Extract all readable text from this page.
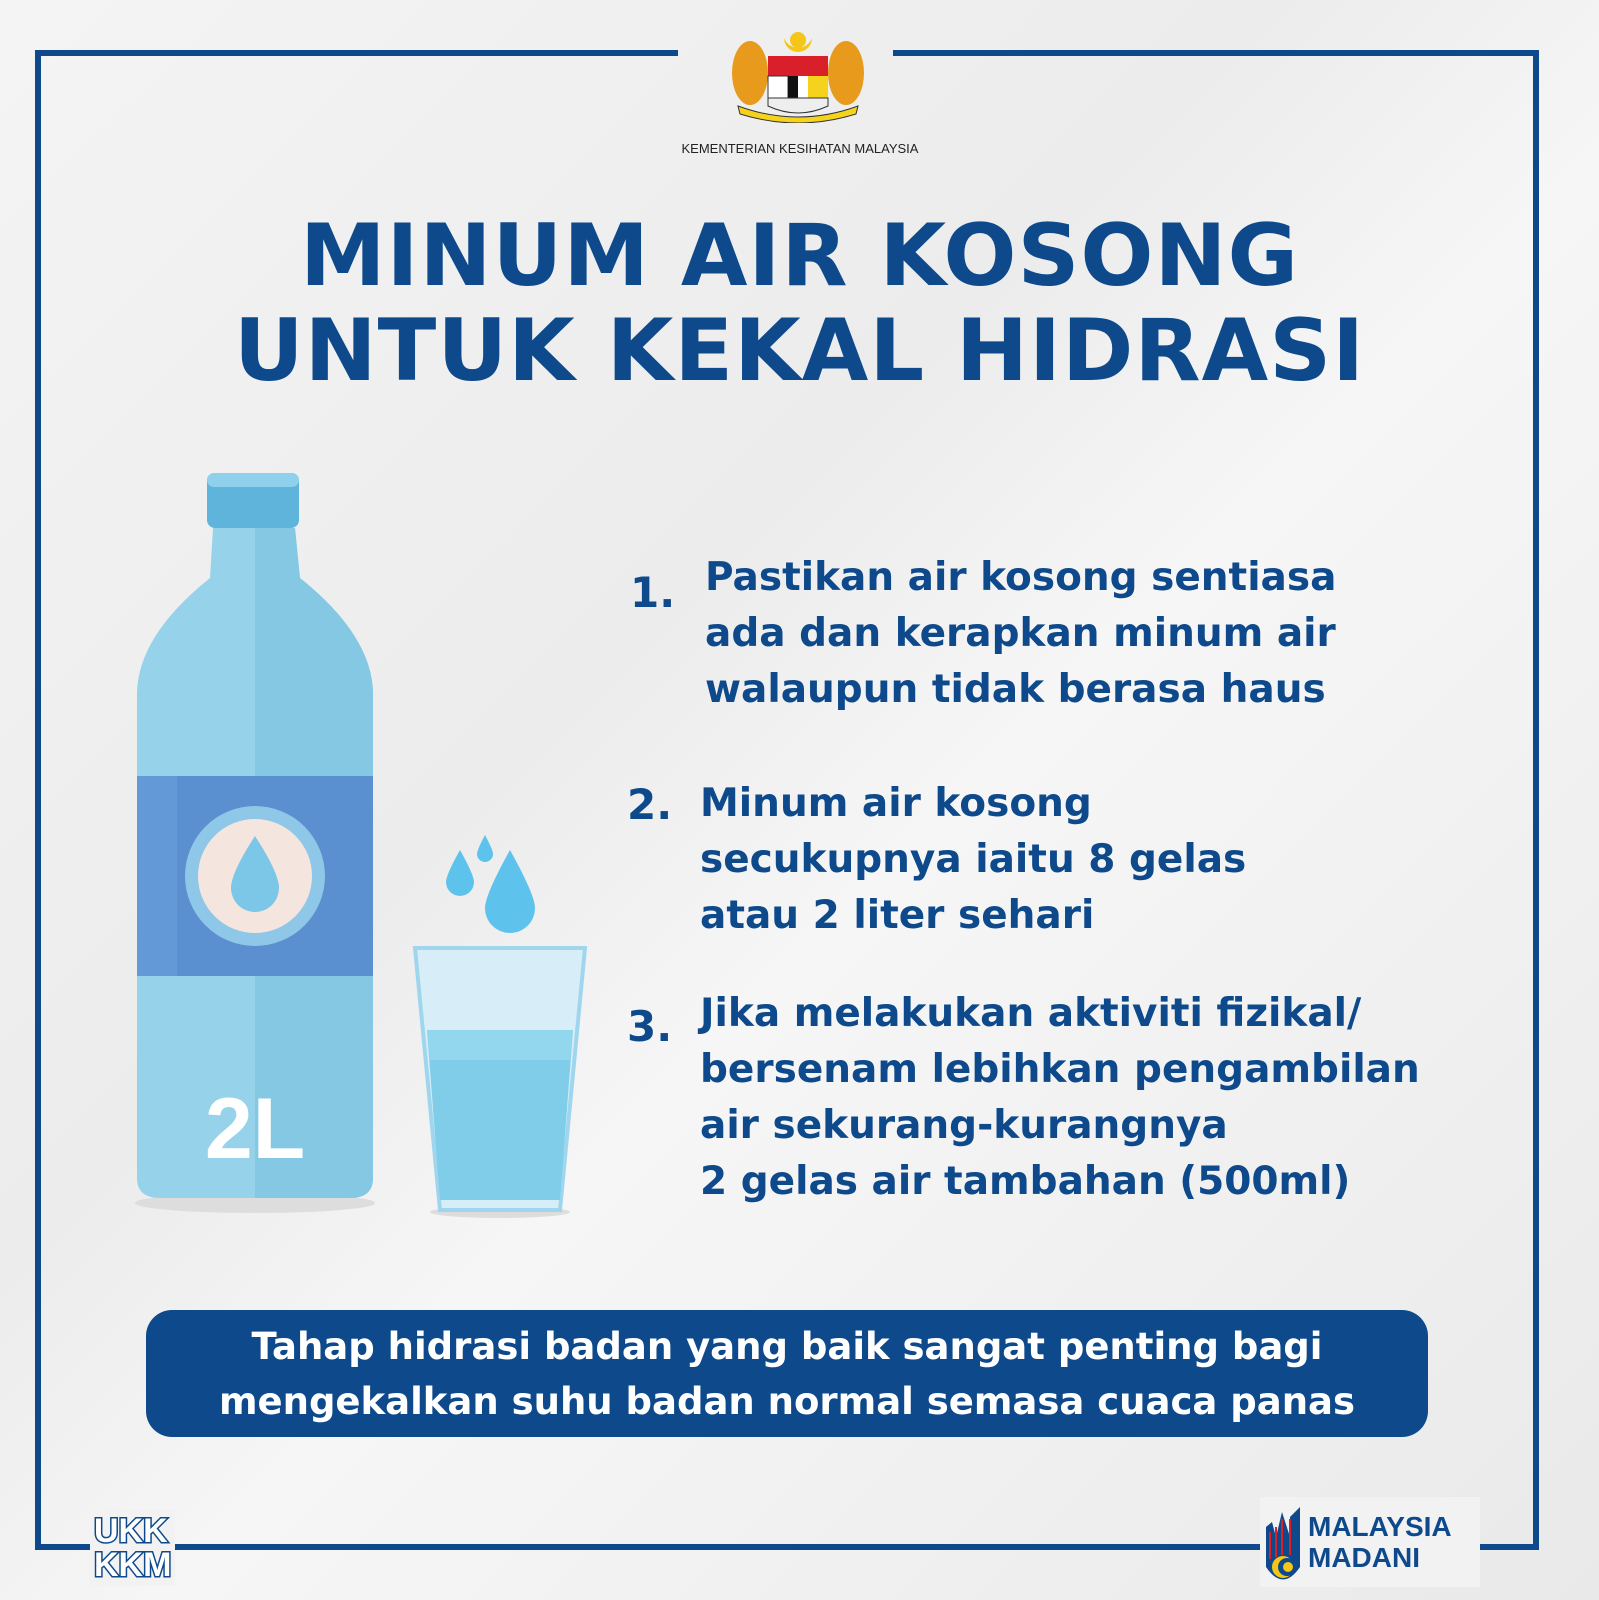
KEMENTERIAN KESIHATAN MALAYSIA
MINUM AIR KOSONG
UNTUK KEKAL HIDRASI
2L
1. Pastikan air kosong sentiasa
ada dan kerapkan minum air
walaupun tidak berasa haus
2. Minum air kosong
secukupnya iaitu 8 gelas
atau 2 liter sehari
3. Jika melakukan aktiviti fizikal/
bersenam lebihkan pengambilan
air sekurang-kurangnya
2 gelas air tambahan (500ml)
Tahap hidrasi badan yang baik sangat penting bagi
mengekalkan suhu badan normal semasa cuaca panas
UKK
KKM
MALAYSIA
MADANI
